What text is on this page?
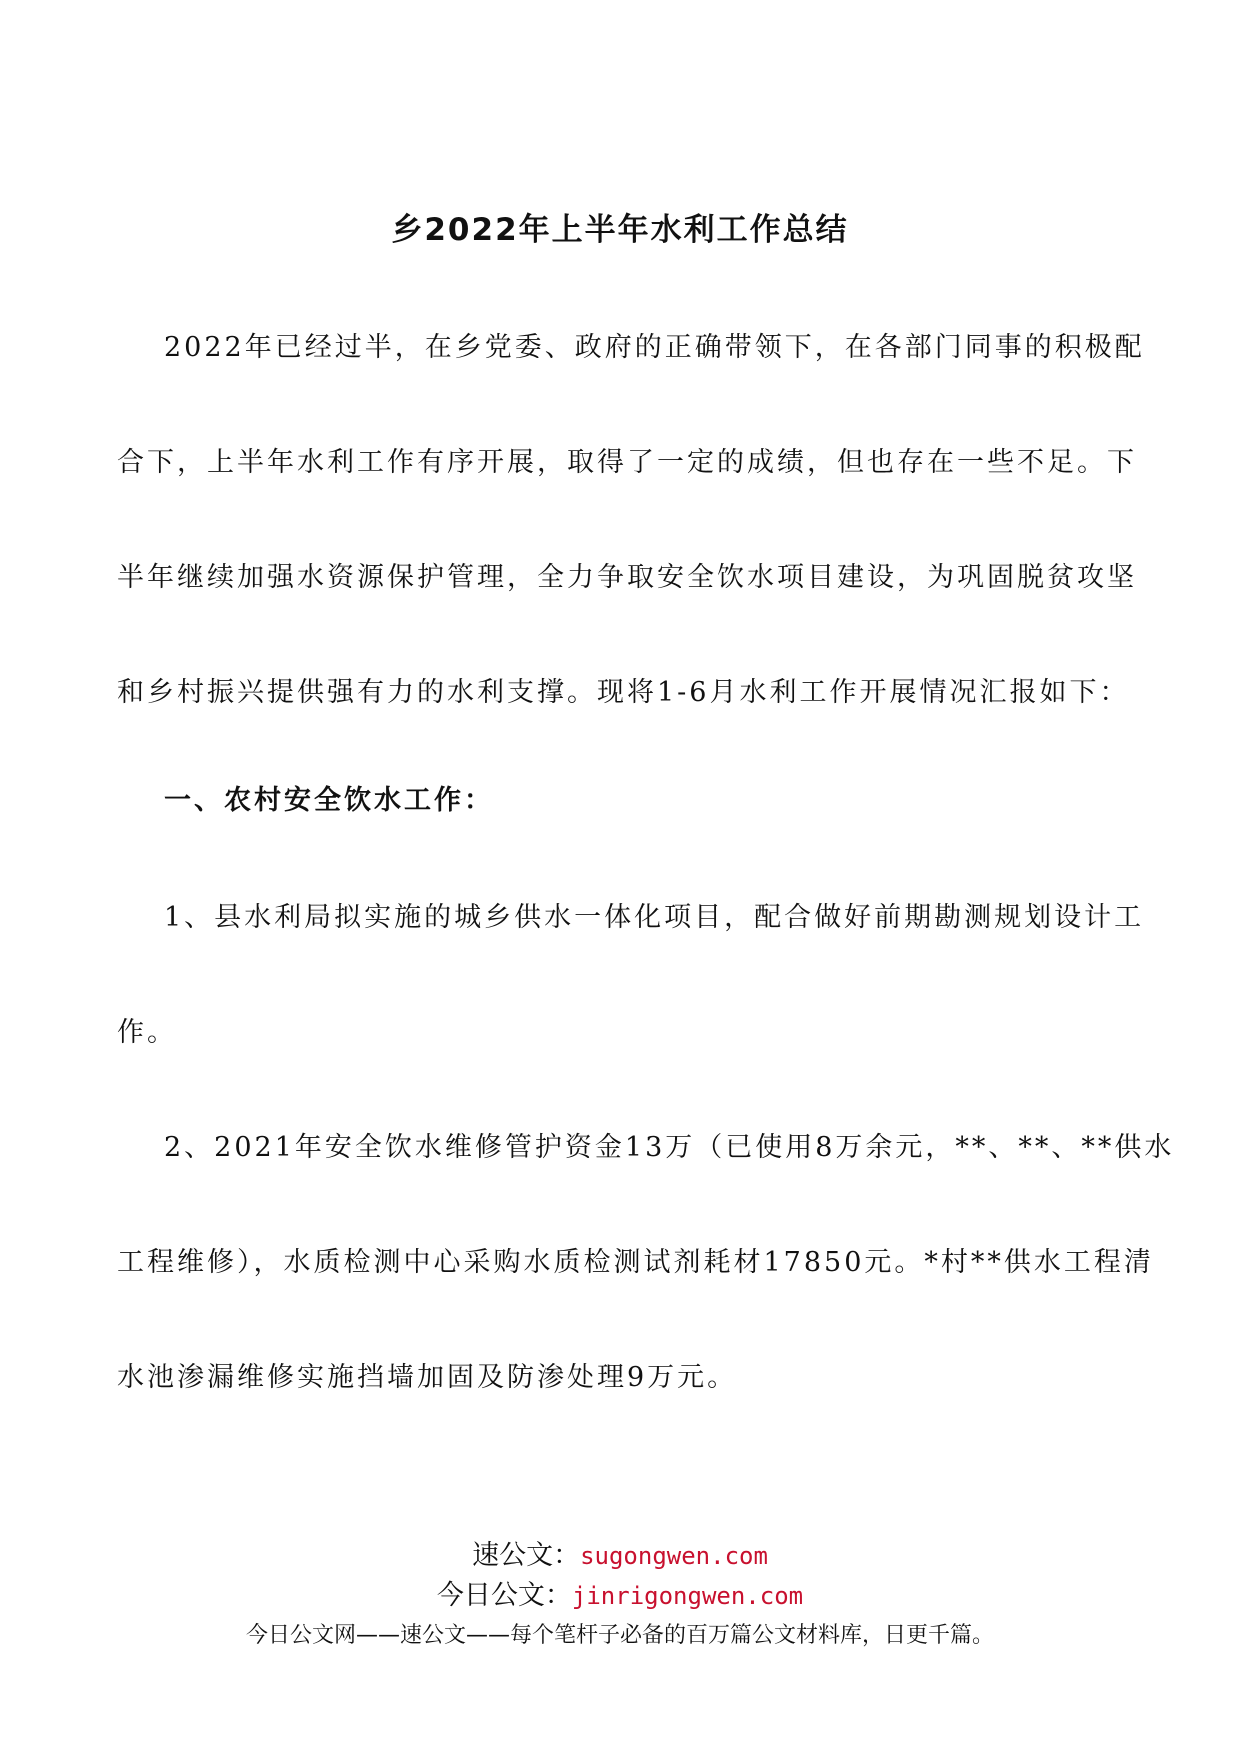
乡2022年上半年水利工作总结
2022年已经过半，在乡党委、政府的正确带领下，在各部门同事的积极配
合下，上半年水利工作有序开展，取得了一定的成绩，但也存在一些不足。下
半年继续加强水资源保护管理，全力争取安全饮水项目建设，为巩固脱贫攻坚
和乡村振兴提供强有力的水利支撑。现将1-6月水利工作开展情况汇报如下：
一、农村安全饮水工作：
1、县水利局拟实施的城乡供水一体化项目，配合做好前期勘测规划设计工
作。
2、2021年安全饮水维修管护资金13万（已使用8万余元，**、**、**供水
工程维修），水质检测中心采购水质检测试剂耗材17850元。*村**供水工程清
水池渗漏维修实施挡墙加固及防渗处理9万元。
速公文：sugongwen.com
今日公文：jinrigongwen.com
今日公文网——速公文——每个笔杆子必备的百万篇公文材料库，日更千篇。
